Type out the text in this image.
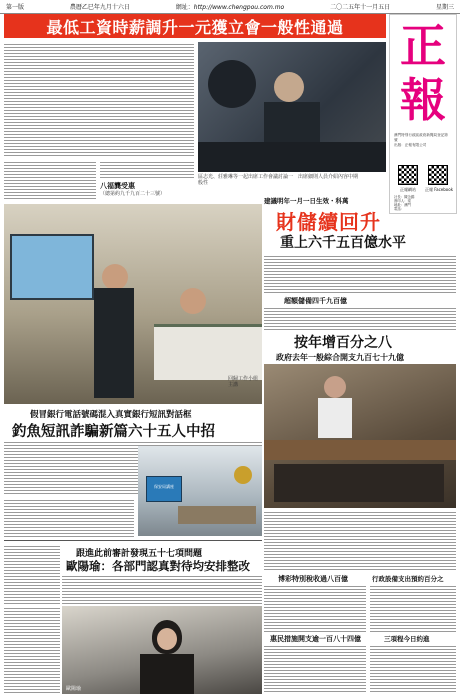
第一版	農曆乙巳年九月十六日	網址：http://www.chengpou.com.mo	二〇二五年十一月五日	星期三
最低工資時薪調升一元獲立會一般性通過	正
報
澳門特別行政區政府新聞局登記第
號
出版：正報有限公司
正報網站	正報 Facebook
社長：陳念錦
督印人：梁
地址：澳門
電話：
八福龔受惠
（總第約九千九百二十三號）
區志光、莊雅琳等一起出席工作會議討論一般性
出席細則人員介紹內容中期
回歸工作小組主講
建議明年一月一日生效・科萬
財儲續回升
重上六千五百億水平
超額儲備四千九百億
按年增百分之八
政府去年一般綜合開支九百七十九億
假冒銀行電話號碼混入真實銀行短訊對話框
釣魚短訊詐騙新篇六十五人中招
保安局講座
跟進此前審計發現五十七項問題
歐陽瑜：各部門認真對待均安排整改
歐陽瑜
博彩特別稅收過八百億	行政設備支出預約百分之
惠民措施開支逾一百八十四億	三項程今日約進
